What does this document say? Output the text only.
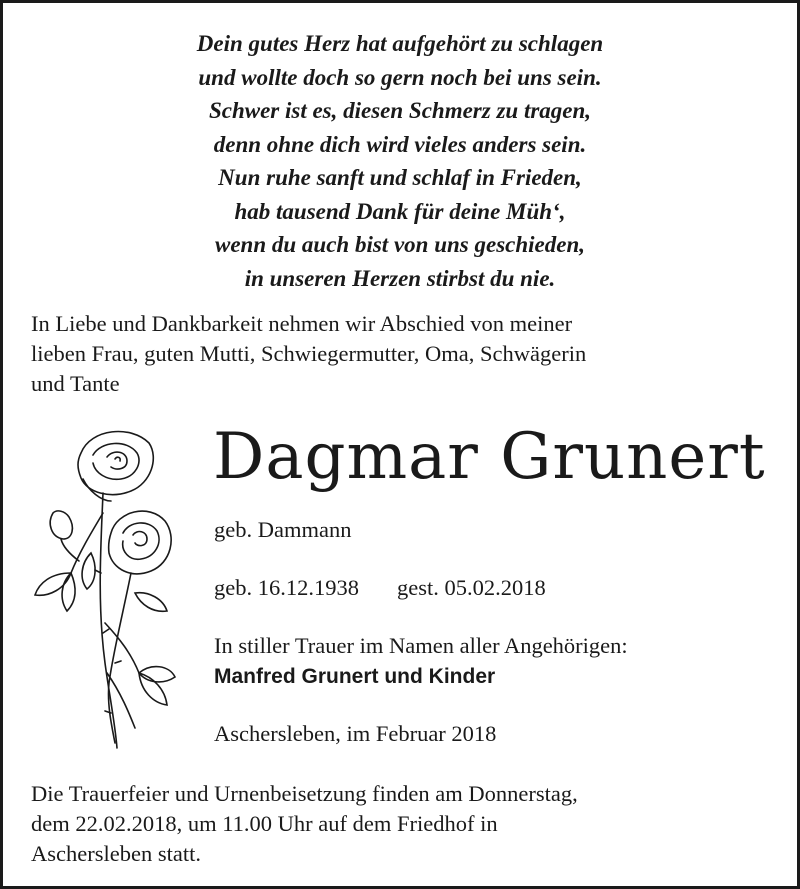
Dein gutes Herz hat aufgehört zu schlagen
und wollte doch so gern noch bei uns sein.
Schwer ist es, diesen Schmerz zu tragen,
denn ohne dich wird vieles anders sein.
Nun ruhe sanft und schlaf in Frieden,
hab tausend Dank für deine Müh‘,
wenn du auch bist von uns geschieden,
in unseren Herzen stirbst du nie.
In Liebe und Dankbarkeit nehmen wir Abschied von meiner
lieben Frau, guten Mutti, Schwiegermutter, Oma, Schwägerin
und Tante
Dagmar Grunert
geb. Dammann
geb. 16.12.1938 gest. 05.02.2018
In stiller Trauer im Namen aller Angehörigen:
Manfred Grunert und Kinder
Aschersleben, im Februar 2018
Die Trauerfeier und Urnenbeisetzung finden am Donnerstag,
dem 22.02.2018, um 11.00 Uhr auf dem Friedhof in
Aschersleben statt.
